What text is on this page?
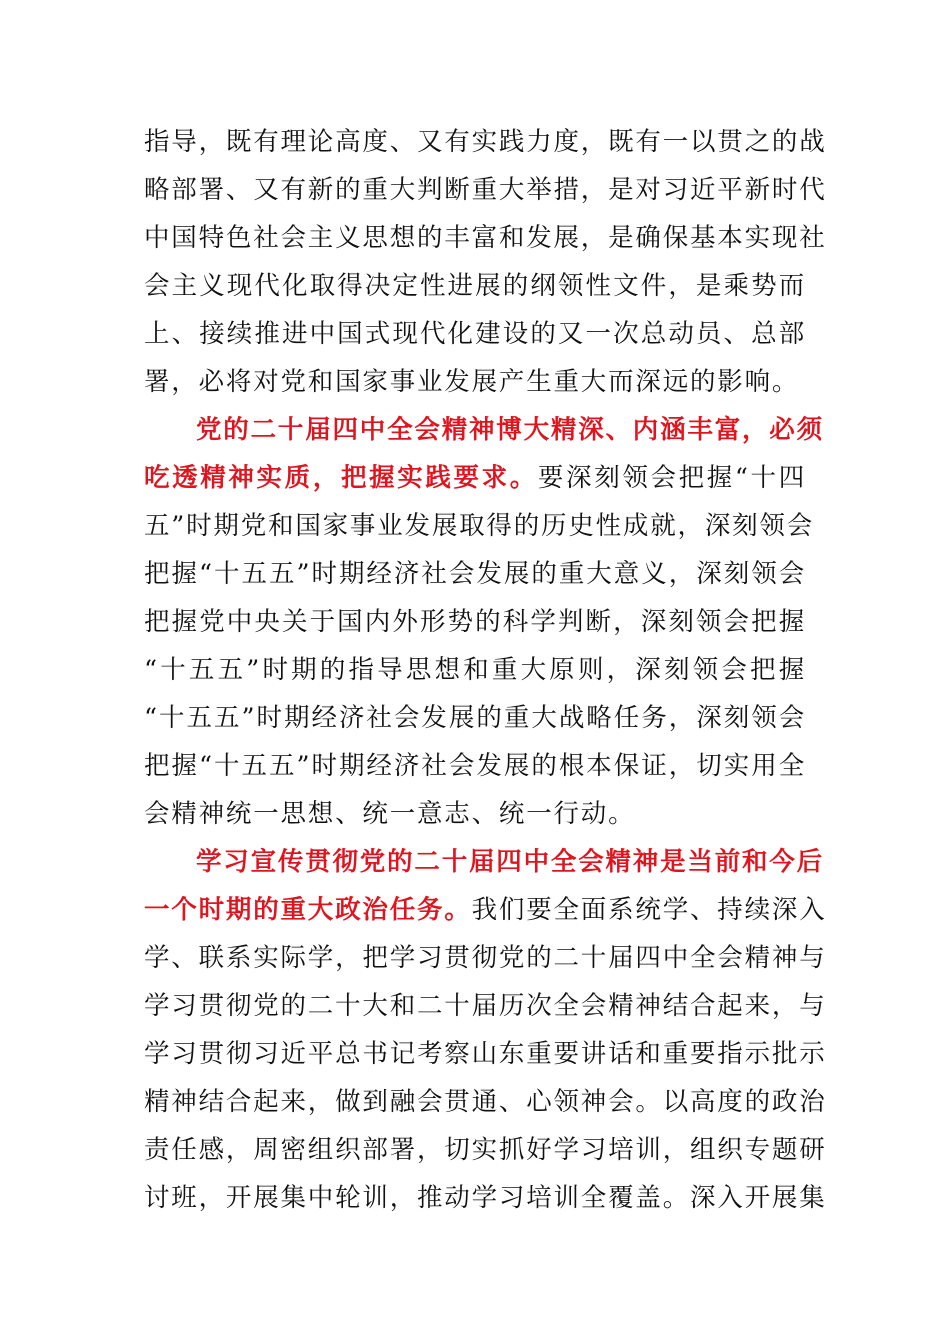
指导，既有理论高度、又有实践力度，既有一以贯之的战
略部署、又有新的重大判断重大举措，是对习近平新时代
中国特色社会主义思想的丰富和发展，是确保基本实现社
会主义现代化取得决定性进展的纲领性文件，是乘势而
上、接续推进中国式现代化建设的又一次总动员、总部
署，必将对党和国家事业发展产生重大而深远的影响。
党的二十届四中全会精神博大精深、内涵丰富，必须
吃透精神实质，把握实践要求。要深刻领会把握“十四
五”时期党和国家事业发展取得的历史性成就，深刻领会
把握“十五五”时期经济社会发展的重大意义，深刻领会
把握党中央关于国内外形势的科学判断，深刻领会把握
“十五五”时期的指导思想和重大原则，深刻领会把握
“十五五”时期经济社会发展的重大战略任务，深刻领会
把握“十五五”时期经济社会发展的根本保证，切实用全
会精神统一思想、统一意志、统一行动。
学习宣传贯彻党的二十届四中全会精神是当前和今后
一个时期的重大政治任务。我们要全面系统学、持续深入
学、联系实际学，把学习贯彻党的二十届四中全会精神与
学习贯彻党的二十大和二十届历次全会精神结合起来，与
学习贯彻习近平总书记考察山东重要讲话和重要指示批示
精神结合起来，做到融会贯通、心领神会。以高度的政治
责任感，周密组织部署，切实抓好学习培训，组织专题研
讨班，开展集中轮训，推动学习培训全覆盖。深入开展集
